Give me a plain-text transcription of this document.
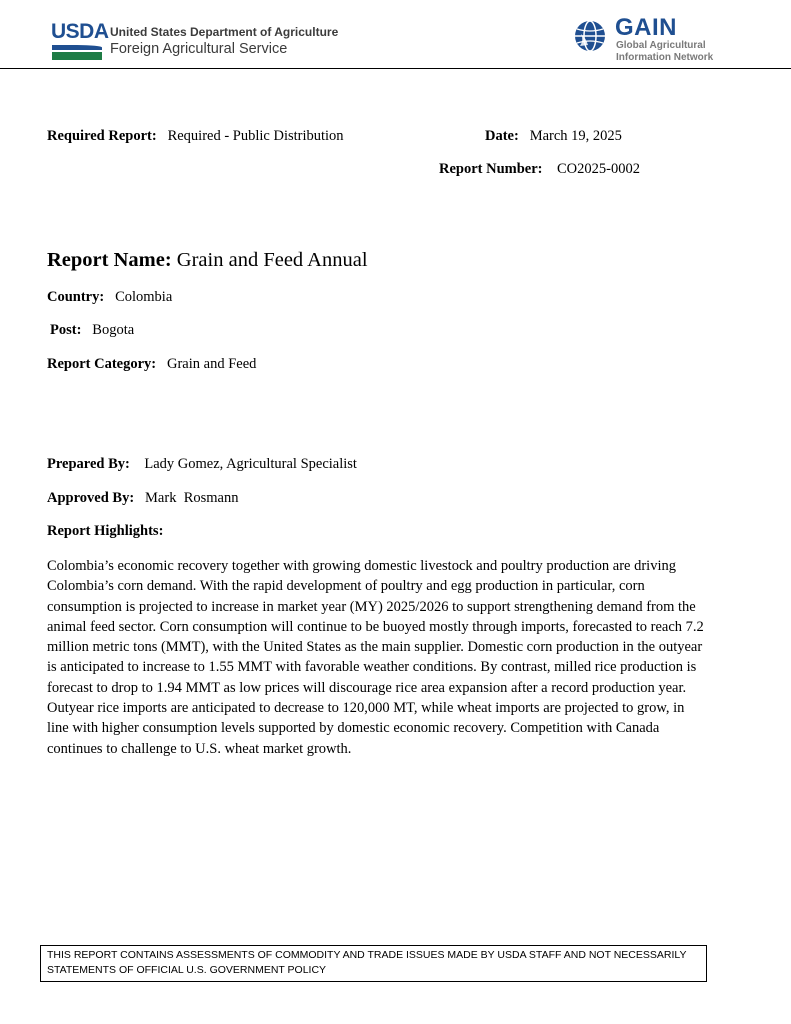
USDA United States Department of Agriculture
Foreign Agricultural Service
GAIN
Global Agricultural
Information Network
Required Report: Required - Public Distribution	Date: March 19, 2025
Report Number: CO2025-0002
Report Name: Grain and Feed Annual
Country: Colombia
Post: Bogota
Report Category: Grain and Feed
Prepared By: Lady Gomez, Agricultural Specialist
Approved By: Mark  Rosmann
Report Highlights:
Colombia’s economic recovery together with growing domestic livestock and poultry production are driving Colombia’s corn demand. With the rapid development of poultry and egg production in particular, corn consumption is projected to increase in market year (MY) 2025/2026 to support strengthening demand from the animal feed sector. Corn consumption will continue to be buoyed mostly through imports, forecasted to reach 7.2 million metric tons (MMT), with the United States as the main supplier. Domestic corn production in the outyear is anticipated to increase to 1.55 MMT with favorable weather conditions. By contrast, milled rice production is forecast to drop to 1.94 MMT as low prices will discourage rice area expansion after a record production year. Outyear rice imports are anticipated to decrease to 120,000 MT, while wheat imports are projected to grow, in line with higher consumption levels supported by domestic economic recovery. Competition with Canada continues to challenge to U.S. wheat market growth.
THIS REPORT CONTAINS ASSESSMENTS OF COMMODITY AND TRADE ISSUES MADE BY USDA STAFF AND NOT NECESSARILY STATEMENTS OF OFFICIAL U.S. GOVERNMENT POLICY
